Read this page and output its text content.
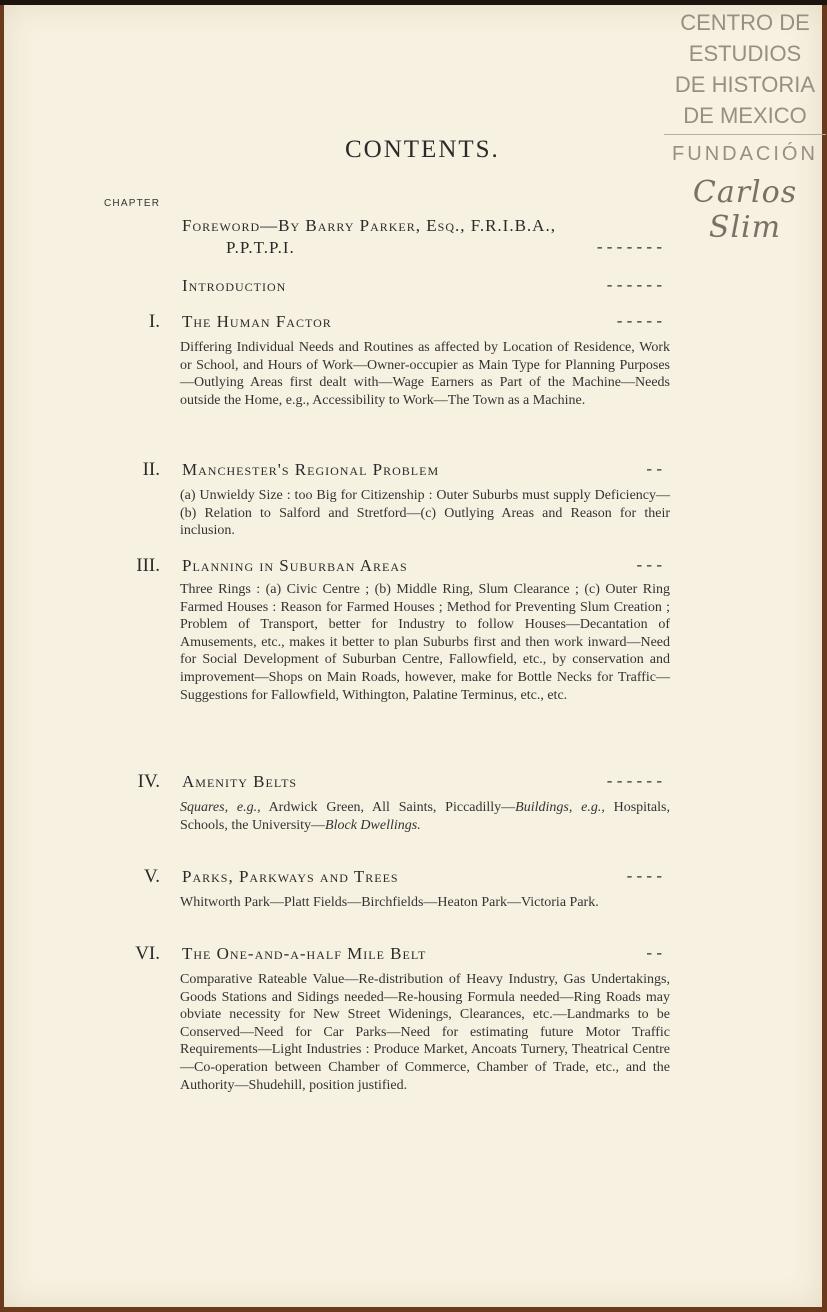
CENTRO DE
ESTUDIOS
DE HISTORIA
DE MEXICO
FUNDACIÓN
Carlos Slim
CONTENTS.
CHAPTER
Foreword—By Barry Parker, Esq., F.R.I.B.A.,
P.P.T.P.I.	- - - - - - -
Introduction	- - - - - -
I. The Human Factor	- - - - -
Differing Individual Needs and Routines as affected by Location of Residence, Work or School, and Hours of Work—Owner-occupier as Main Type for Planning Purposes—Outlying Areas first dealt with—Wage Earners as Part of the Machine—Needs outside the Home, e.g., Accessibility to Work—The Town as a Machine.
II. Manchester's Regional Problem	- -
(a) Unwieldy Size : too Big for Citizenship : Outer Suburbs must supply Deficiency—(b) Relation to Salford and Stretford—(c) Outlying Areas and Reason for their inclusion.
III. Planning in Suburban Areas	- - -
Three Rings : (a) Civic Centre ; (b) Middle Ring, Slum Clearance ; (c) Outer Ring Farmed Houses : Reason for Farmed Houses ; Method for Preventing Slum Creation ; Problem of Transport, better for Industry to follow Houses—Decantation of Amusements, etc., makes it better to plan Suburbs first and then work inward—Need for Social Development of Suburban Centre, Fallowfield, etc., by conservation and improvement—Shops on Main Roads, however, make for Bottle Necks for Traffic—Suggestions for Fallowfield, Withington, Palatine Terminus, etc., etc.
IV. Amenity Belts	- - - - - -
Squares, e.g., Ardwick Green, All Saints, Piccadilly—Buildings, e.g., Hospitals, Schools, the University—Block Dwellings.
V. Parks, Parkways and Trees	- - - -
Whitworth Park—Platt Fields—Birchfields—Heaton Park—Victoria Park.
VI. The One-and-a-half Mile Belt	- -
Comparative Rateable Value—Re-distribution of Heavy Industry, Gas Undertakings, Goods Stations and Sidings needed—Re-housing Formula needed—Ring Roads may obviate necessity for New Street Widenings, Clearances, etc.—Landmarks to be Conserved—Need for Car Parks—Need for estimating future Motor Traffic Requirements—Light Industries : Produce Market, Ancoats Turnery, Theatrical Centre—Co-operation between Chamber of Commerce, Chamber of Trade, etc., and the Authority—Shudehill, position justified.
